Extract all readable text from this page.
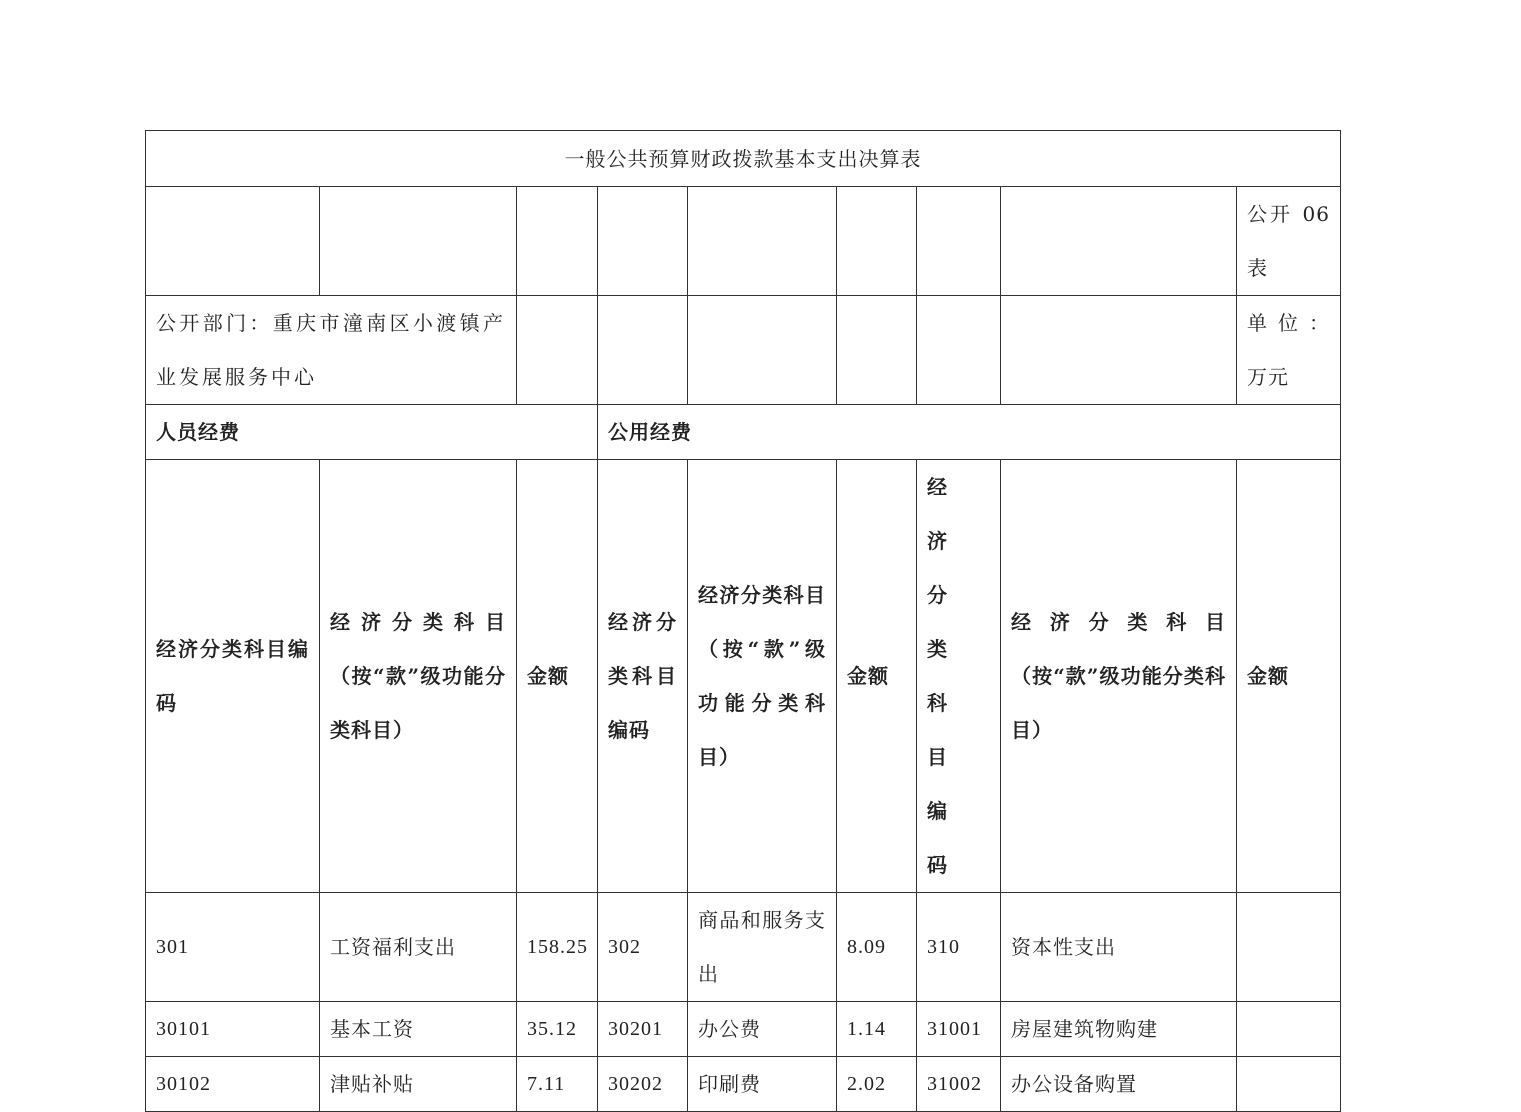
一般公共预算财政拨款基本支出决算表								
								公开 06 表
公开部门：重庆市潼南区小渡镇产业发展服务中心								单位：万元
人员经费			公用经费					
经济分类科目编码	经济分类科目（按“款”级功能分类科目）	金额	经济分类科目编码	经济分类科目（按“款”级功能分类科目）	金额	经济分类科目编码	经济分类科目（按“款”级功能分类科目）	金额
301	工资福利支出	158.25	302	商品和服务支出	8.09	310	资本性支出	
30101	基本工资	35.12	30201	办公费	1.14	31001	房屋建筑物购建	
30102	津贴补贴	7.11	30202	印刷费	2.02	31002	办公设备购置	
